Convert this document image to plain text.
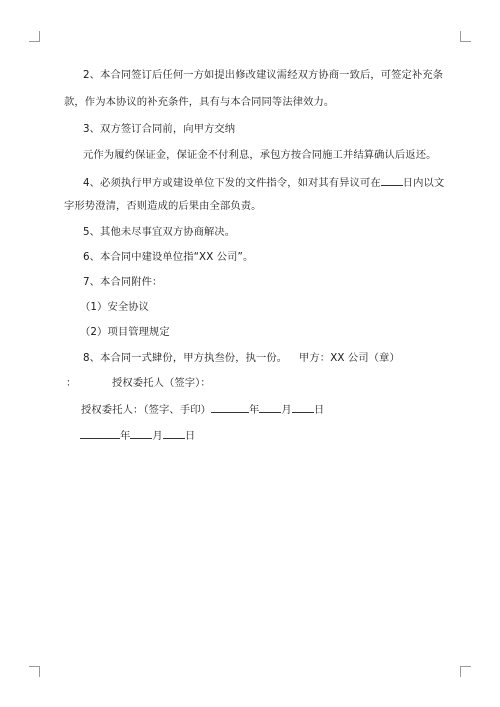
2、本合同签订后任何一方如提出修改建议需经双方协商一致后，可签定补充条
款，作为本协议的补充条件，具有与本合同同等法律效力。
3、双方签订合同前，向甲方交纳
元作为履约保证金，保证金不付利息，承包方按合同施工并结算确认后返还。
4、必须执行甲方或建设单位下发的文件指令，如对其有异议可在 日内以文
字形势澄清，否则造成的后果由全部负责。
5、其他未尽事宜双方协商解决。
6、本合同中建设单位指“XX 公司”。
7、本合同附件：
（1）安全协议
（2）项目管理规定
8、本合同一式肆份，甲方执叁份，执一份。 甲方：XX 公司（章）
：	授权委托人（签字）：
授权委托人：（签字、手印）	年 月 日
年 月 日
